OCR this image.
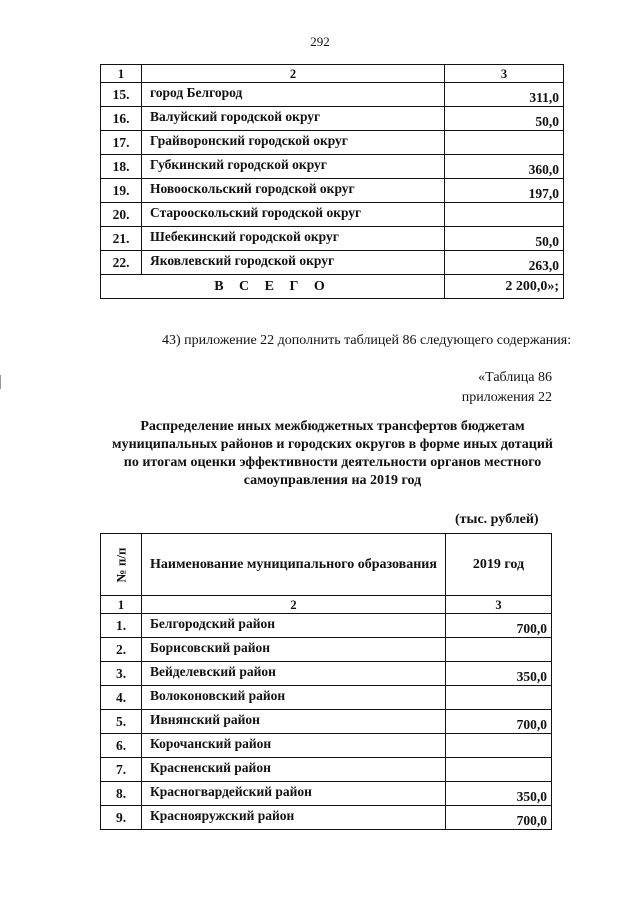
292
1	2	3
15.	город Белгород	311,0
16.	Валуйский городской округ	50,0
17.	Грайворонский городской округ	
18.	Губкинский городской округ	360,0
19.	Новооскольский городской округ	197,0
20.	Старооскольский городской округ	
21.	Шебекинский городской округ	50,0
22.	Яковлевский городской округ	263,0
В С Е Г О		2 200,0»;
43) приложение 22 дополнить таблицей 86 следующего содержания:
«Таблица 86
приложения 22
Распределение иных межбюджетных трансфертов бюджетам муниципальных районов и городских округов в форме иных дотаций по итогам оценки эффективности деятельности органов местного самоуправления на 2019 год
(тыс. рублей)
№ п/п	Наименование муниципального образования	2019 год
1	2	3
1.	Белгородский район	700,0
2.	Борисовский район	
3.	Вейделевский район	350,0
4.	Волоконовский район	
5.	Ивнянский район	700,0
6.	Корочанский район	
7.	Красненский район	
8.	Красногвардейский район	350,0
9.	Краснояружский район	700,0
